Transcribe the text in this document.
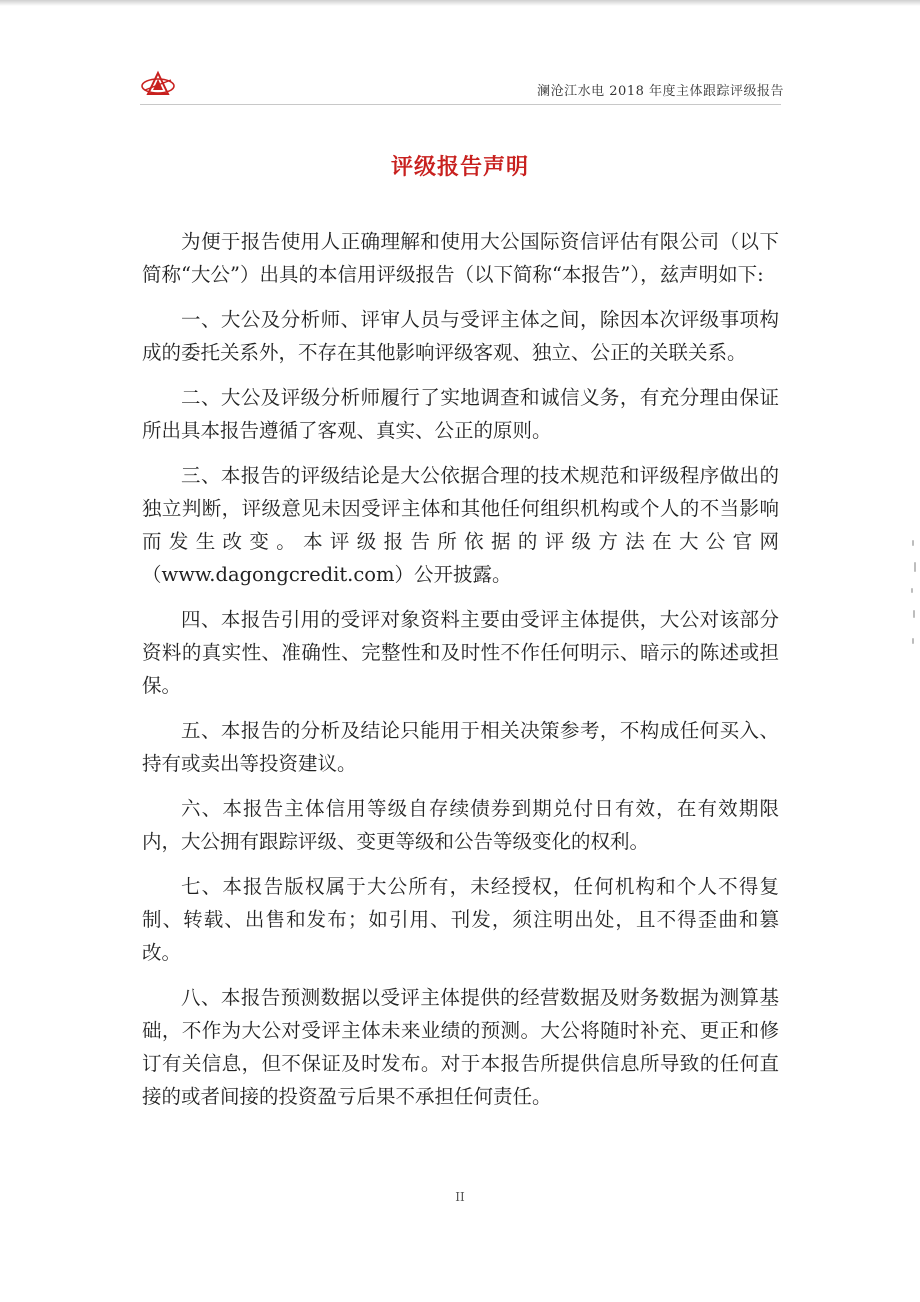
澜沧江水电 2018 年度主体跟踪评级报告
评级报告声明

为便于报告使用人正确理解和使用大公国际资信评估有限公司（以下简称“大公”）出具的本信用评级报告（以下简称“本报告”），兹声明如下:

一、大公及分析师、评审人员与受评主体之间，除因本次评级事项构成的委托关系外，不存在其他影响评级客观、独立、公正的关联关系。

二、大公及评级分析师履行了实地调查和诚信义务，有充分理由保证所出具本报告遵循了客观、真实、公正的原则。

三、本报告的评级结论是大公依据合理的技术规范和评级程序做出的独立判断，评级意见未因受评主体和其他任何组织机构或个人的不当影响而发生改变。本评级报告所依据的评级方法在大公官网（www.dagongcredit.com）公开披露。

四、本报告引用的受评对象资料主要由受评主体提供，大公对该部分资料的真实性、准确性、完整性和及时性不作任何明示、暗示的陈述或担保。

五、本报告的分析及结论只能用于相关决策参考，不构成任何买入、持有或卖出等投资建议。

六、本报告主体信用等级自存续债券到期兑付日有效，在有效期限内，大公拥有跟踪评级、变更等级和公告等级变化的权利。

七、本报告版权属于大公所有，未经授权，任何机构和个人不得复制、转载、出售和发布；如引用、刊发，须注明出处，且不得歪曲和篡改。

八、本报告预测数据以受评主体提供的经营数据及财务数据为测算基础，不作为大公对受评主体未来业绩的预测。大公将随时补充、更正和修订有关信息，但不保证及时发布。对于本报告所提供信息所导致的任何直接的或者间接的投资盈亏后果不承担任何责任。

II
